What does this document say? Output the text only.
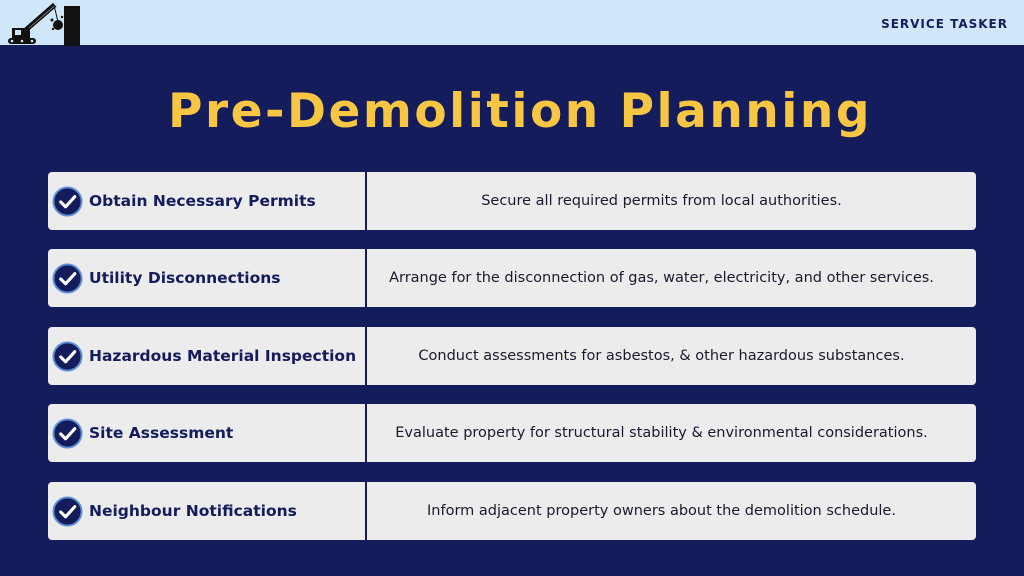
SERVICE TASKER
Pre-Demolition Planning
Obtain Necessary Permits	Secure all required permits from local authorities.
Utility Disconnections	Arrange for the disconnection of gas, water, electricity, and other services.
Hazardous Material Inspection	Conduct assessments for asbestos, & other hazardous substances.
Site Assessment	Evaluate property for structural stability & environmental considerations.
Neighbour Notifications	Inform adjacent property owners about the demolition schedule.
